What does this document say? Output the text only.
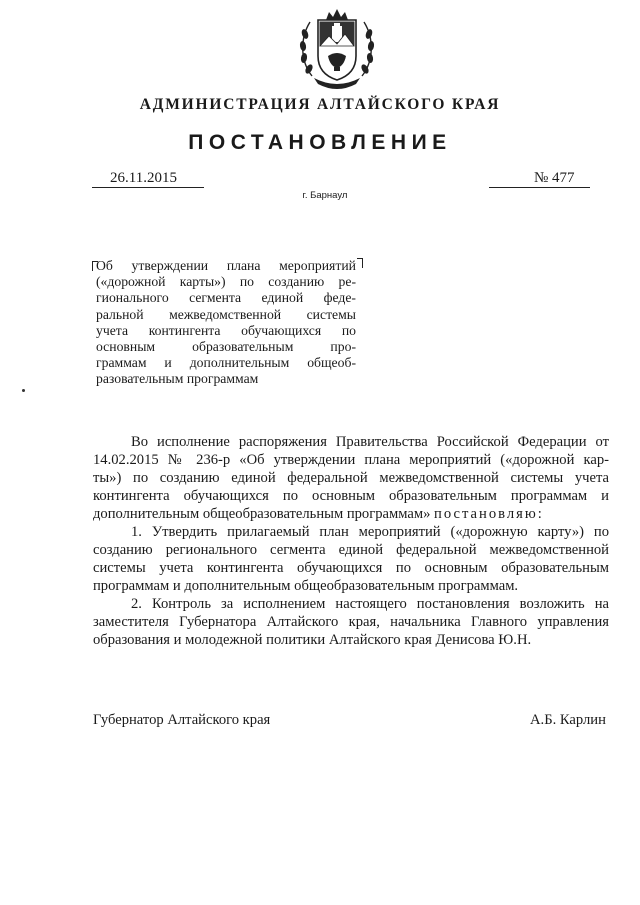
АДМИНИСТРАЦИЯ АЛТАЙСКОГО КРАЯ
ПОСТАНОВЛЕНИЕ
26.11.2015	№ 477
г. Барнаул
Об утверждении плана мероприятий
(«дорожной карты») по созданию ре-
гионального сегмента единой феде-
ральной межведомственной системы
учета контингента обучающихся по
основным образовательным про-
граммам и дополнительным общеоб-
разовательным программам
Во исполнение распоряжения Правительства Российской Федерации от
14.02.2015 № 236-р «Об утверждении плана мероприятий («дорожной кар-
ты») по созданию единой федеральной межведомственной системы учета
контингента обучающихся по основным образовательным программам и
дополнительным общеобразовательным программам» постановляю:
1. Утвердить прилагаемый план мероприятий («дорожную карту») по
созданию регионального сегмента единой федеральной межведомственной
системы учета контингента обучающихся по основным образовательным
программам и дополнительным общеобразовательным программам.
2. Контроль за исполнением настоящего постановления возложить на
заместителя Губернатора Алтайского края, начальника Главного управления
образования и молодежной политики Алтайского края Денисова Ю.Н.
Губернатор Алтайского края	А.Б. Карлин
